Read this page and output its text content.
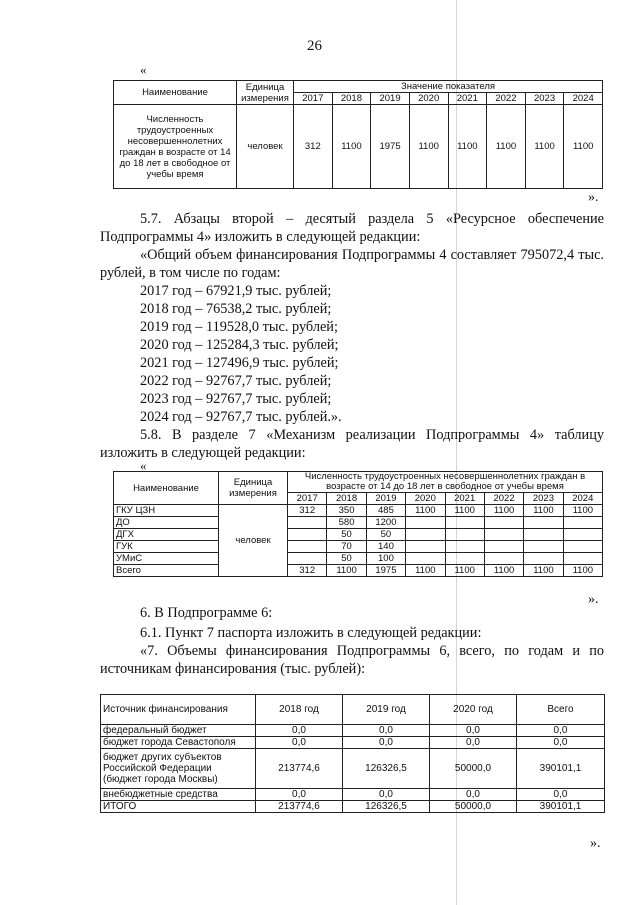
26
«
Наименование	Единица измерения	Значение показателя							
		2017	2018	2019	2020	2021	2022	2023	2024
Численность трудоустроенных несовершеннолетних граждан в возрасте от 14 до 18 лет в свободное от учебы время	человек	312	1100	1975	1100	1100	1100	1100	1100
».
5.7. Абзацы второй – десятый раздела 5 «Ресурсное обеспечение Подпрограммы 4» изложить в следующей редакции:
«Общий объем финансирования Подпрограммы 4 составляет 795072,4 тыс. рублей, в том числе по годам:
2017 год – 67921,9 тыс. рублей;
2018 год – 76538,2 тыс. рублей;
2019 год – 119528,0 тыс. рублей;
2020 год – 125284,3 тыс. рублей;
2021 год – 127496,9 тыс. рублей;
2022 год – 92767,7 тыс. рублей;
2023 год – 92767,7 тыс. рублей;
2024 год – 92767,7 тыс. рублей.».
5.8. В разделе 7 «Механизм реализации Подпрограммы 4» таблицу изложить в следующей редакции:
«
Наименование	Единица измерения	Численность трудоустроенных несовершеннолетних граждан в возрасте от 14 до 18 лет в свободное от учебы время							
		2017	2018	2019	2020	2021	2022	2023	2024
ГКУ ЦЗН	человек	312	350	485	1100	1100	1100	1100	1100
ДО			580	1200					
ДГХ			50	50					
ГУК			70	140					
УМиС			50	100					
Всего		312	1100	1975	1100	1100	1100	1100	1100
».
6. В Подпрограмме 6:
6.1. Пункт 7 паспорта изложить в следующей редакции:
«7. Объемы финансирования Подпрограммы 6, всего, по годам и по источникам финансирования (тыс. рублей):
Источник финансирования	2018 год	2019 год	2020 год	Всего
федеральный бюджет	0,0	0,0	0,0	0,0
бюджет города Севастополя	0,0	0,0	0,0	0,0
бюджет других субъектов Российской Федерации (бюджет города Москвы)	213774,6	126326,5	50000,0	390101,1
внебюджетные средства	0,0	0,0	0,0	0,0
ИТОГО	213774,6	126326,5	50000,0	390101,1
».
